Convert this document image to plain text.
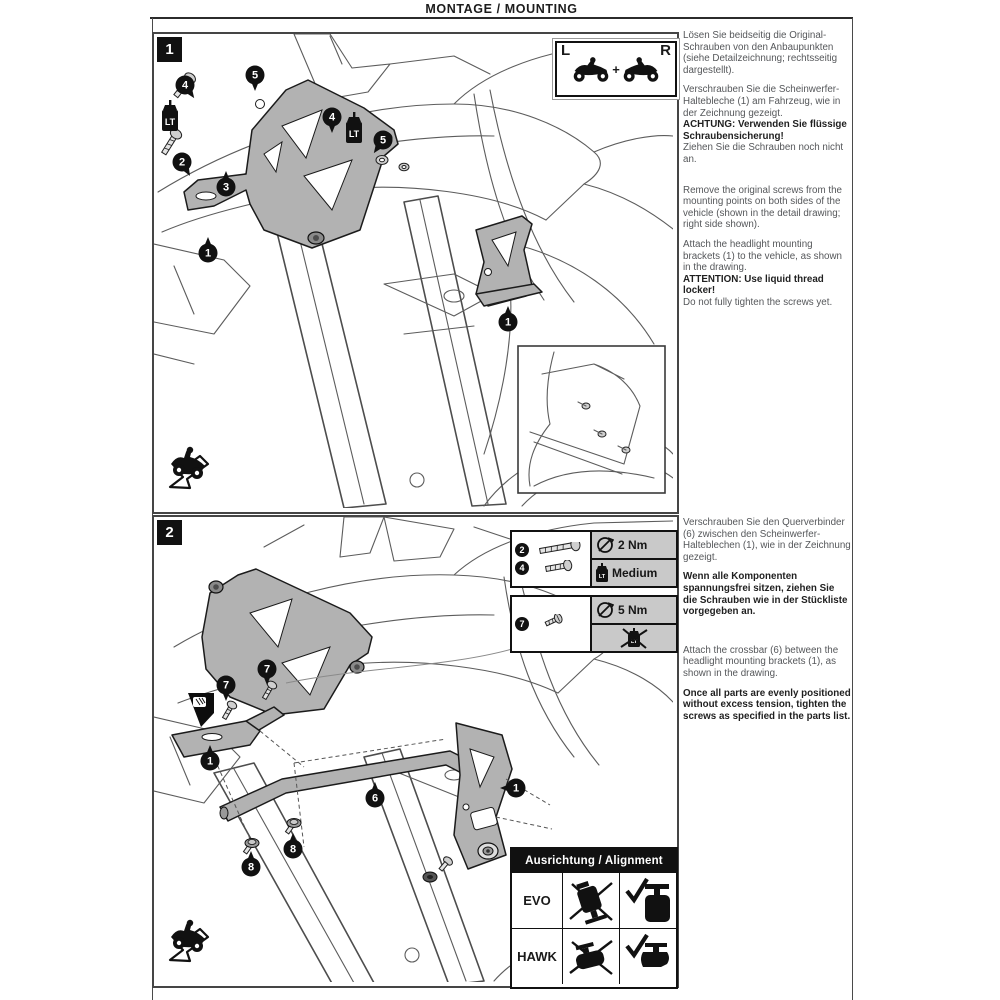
MONTAGE / MOUNTING
LT
LT
4
2
3
5
4
5
1
1
1	L	R
+
7
7
1
8
8
6
1
2
2
4
2 Nm
LT Medium
7
5 Nm
LT
Ausrichtung / Alignment
EVO
HAWK

Lösen Sie beidseitig die Original-Schrauben von den Anbaupunkten (siehe Detailzeichnung; rechtsseitig dargestellt).

Verschrauben Sie die Scheinwerfer-Haltebleche (1) am Fahrzeug, wie in der Zeichnung gezeigt.
ACHTUNG: Verwenden Sie flüssige Schraubensicherung!
Ziehen Sie die Schrauben noch nicht an.

Remove the original screws from the mounting points on both sides of the vehicle (shown in the detail drawing; right side shown).

Attach the headlight mounting brackets (1) to the vehicle, as shown in the drawing.
ATTENTION: Use liquid thread locker!
Do not fully tighten the screws yet.

Verschrauben Sie den Querverbinder (6) zwischen den Scheinwerfer-Halteblechen (1), wie in der Zeichnung gezeigt.

Wenn alle Komponenten spannungsfrei sitzen, ziehen Sie die Schrauben wie in der Stückliste vorgegeben an.

Attach the crossbar (6) between the headlight mounting brackets (1), as shown in the drawing.

Once all parts are evenly positioned without excess tension, tighten the screws as specified in the parts list.
